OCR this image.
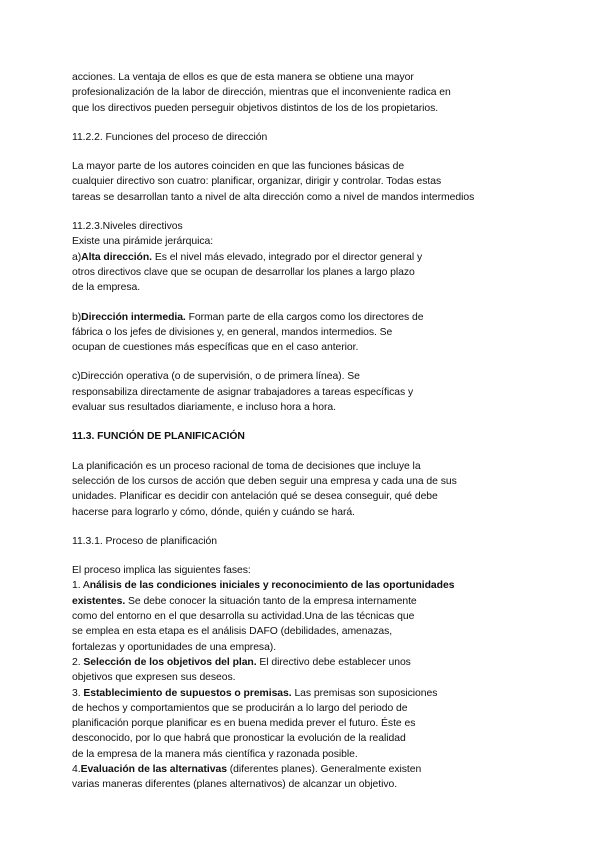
acciones. La ventaja de ellos es que de esta manera se obtiene una mayor
profesionalización de la labor de dirección, mientras que el inconveniente radica en
que los directivos pueden perseguir objetivos distintos de los de los propietarios.
11.2.2. Funciones del proceso de dirección
La mayor parte de los autores coinciden en que las funciones básicas de
cualquier directivo son cuatro: planificar, organizar, dirigir y controlar. Todas estas
tareas se desarrollan tanto a nivel de alta dirección como a nivel de mandos intermedios
11.2.3.Niveles directivos
Existe una pirámide jerárquica:
a)Alta dirección. Es el nivel más elevado, integrado por el director general y
otros directivos clave que se ocupan de desarrollar los planes a largo plazo
de la empresa.
b)Dirección intermedia. Forman parte de ella cargos como los directores de
fábrica o los jefes de divisiones y, en general, mandos intermedios. Se
ocupan de cuestiones más específicas que en el caso anterior.
c)Dirección operativa (o de supervisión, o de primera línea). Se
responsabiliza directamente de asignar trabajadores a tareas específicas y
evaluar sus resultados diariamente, e incluso hora a hora.
11.3. FUNCIÓN DE PLANIFICACIÓN
La planificación es un proceso racional de toma de decisiones que incluye la
selección de los cursos de acción que deben seguir una empresa y cada una de sus
unidades. Planificar es decidir con antelación qué se desea conseguir, qué debe
hacerse para lograrlo y cómo, dónde, quién y cuándo se hará.
11.3.1. Proceso de planificación
El proceso implica las siguientes fases:
1. Análisis de las condiciones iniciales y reconocimiento de las oportunidades
existentes. Se debe conocer la situación tanto de la empresa internamente
como del entorno en el que desarrolla su actividad.Una de las técnicas que
se emplea en esta etapa es el análisis DAFO (debilidades, amenazas,
fortalezas y oportunidades de una empresa).
2. Selección de los objetivos del plan. El directivo debe establecer unos
objetivos que expresen sus deseos.
3. Establecimiento de supuestos o premisas. Las premisas son suposiciones
de hechos y comportamientos que se producirán a lo largo del periodo de
planificación porque planificar es en buena medida prever el futuro. Éste es
desconocido, por lo que habrá que pronosticar la evolución de la realidad
de la empresa de la manera más científica y razonada posible.
4.Evaluación de las alternativas (diferentes planes). Generalmente existen
varias maneras diferentes (planes alternativos) de alcanzar un objetivo.
